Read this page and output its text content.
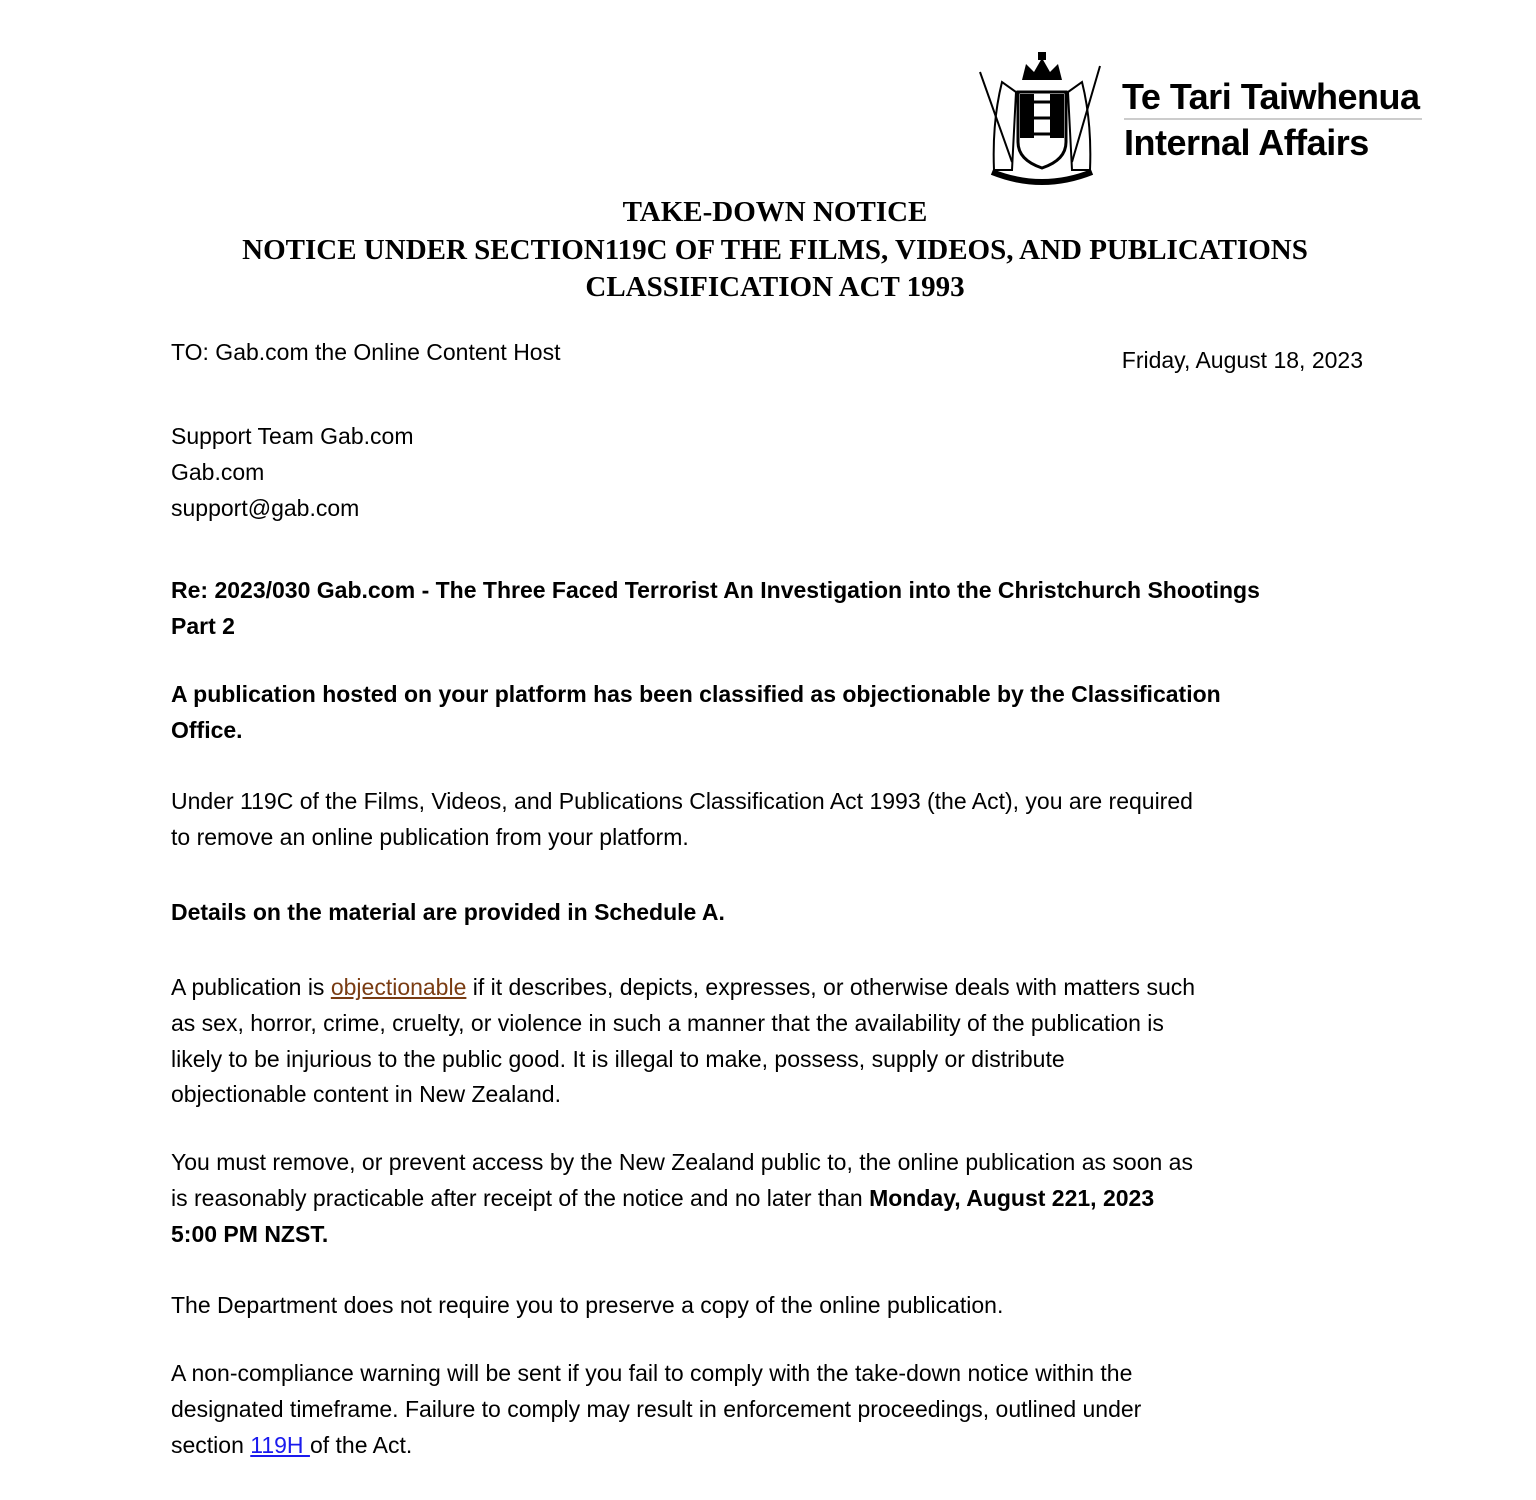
Te Tari Taiwhenua
Internal Affairs
TAKE-DOWN NOTICE
NOTICE UNDER SECTION119C OF THE FILMS, VIDEOS, AND PUBLICATIONS
CLASSIFICATION ACT 1993
TO: Gab.com the Online Content Host	Friday, August 18, 2023
Support Team Gab.com
Gab.com
support@gab.com
Re: 2023/030 Gab.com - The Three Faced Terrorist An Investigation into the Christchurch Shootings
Part 2
A publication hosted on your platform has been classified as objectionable by the Classification
Office.
Under 119C of the Films, Videos, and Publications Classification Act 1993 (the Act), you are required
to remove an online publication from your platform.
Details on the material are provided in Schedule A.
A publication is objectionable if it describes, depicts, expresses, or otherwise deals with matters such
as sex, horror, crime, cruelty, or violence in such a manner that the availability of the publication is
likely to be injurious to the public good. It is illegal to make, possess, supply or distribute
objectionable content in New Zealand.
You must remove, or prevent access by the New Zealand public to, the online publication as soon as
is reasonably practicable after receipt of the notice and no later than Monday, August 221, 2023
5:00 PM NZST.
The Department does not require you to preserve a copy of the online publication.
A non-compliance warning will be sent if you fail to comply with the take-down notice within the
designated timeframe. Failure to comply may result in enforcement proceedings, outlined under
section 119H of the Act.
